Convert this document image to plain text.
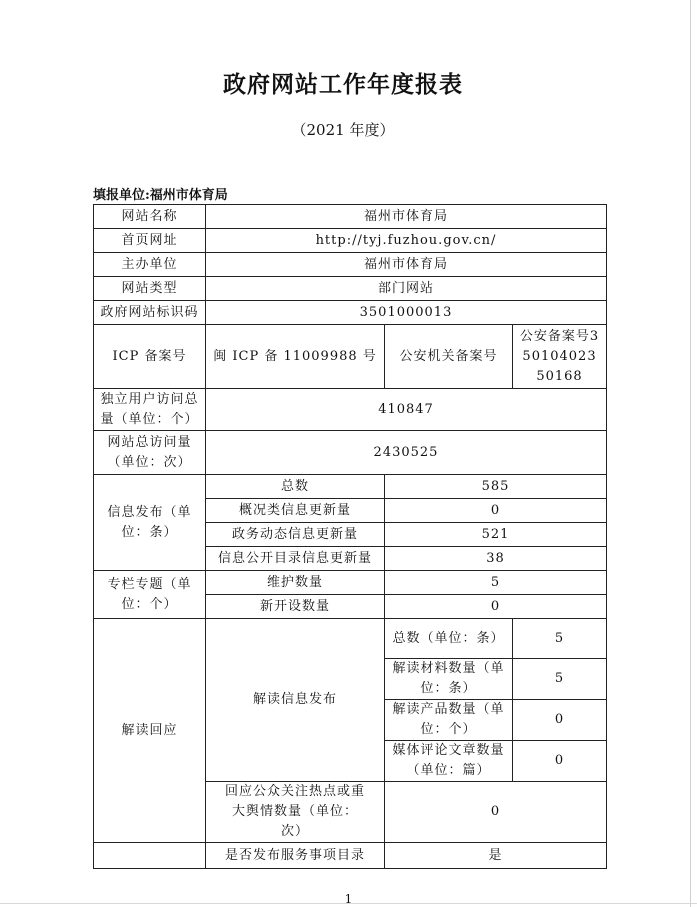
政府网站工作年度报表
（2021 年度）
填报单位:福州市体育局
网站名称	福州市体育局		
首页网址	http://tyj.fuzhou.gov.cn/		
主办单位	福州市体育局		
网站类型	部门网站		
政府网站标识码	3501000013		
ICP 备案号	闽 ICP 备 11009988 号	公安机关备案号	公安备案号35010402350168
独立用户访问总量（单位：个）	410847		
网站总访问量（单位：次）	2430525		
信息发布（单位：条）	总数	585	
	概况类信息更新量	0	
	政务动态信息更新量	521	
	信息公开目录信息更新量	38	
专栏专题（单位：个）	维护数量	5	
	新开设数量	0	
解读回应	解读信息发布	总数（单位：条）	5
		解读材料数量（单位：条）	5
		解读产品数量（单位：个）	0
		媒体评论文章数量（单位：篇）	0
	回应公众关注热点或重大舆情数量（单位：次）	0	
	是否发布服务事项目录	是	
1
